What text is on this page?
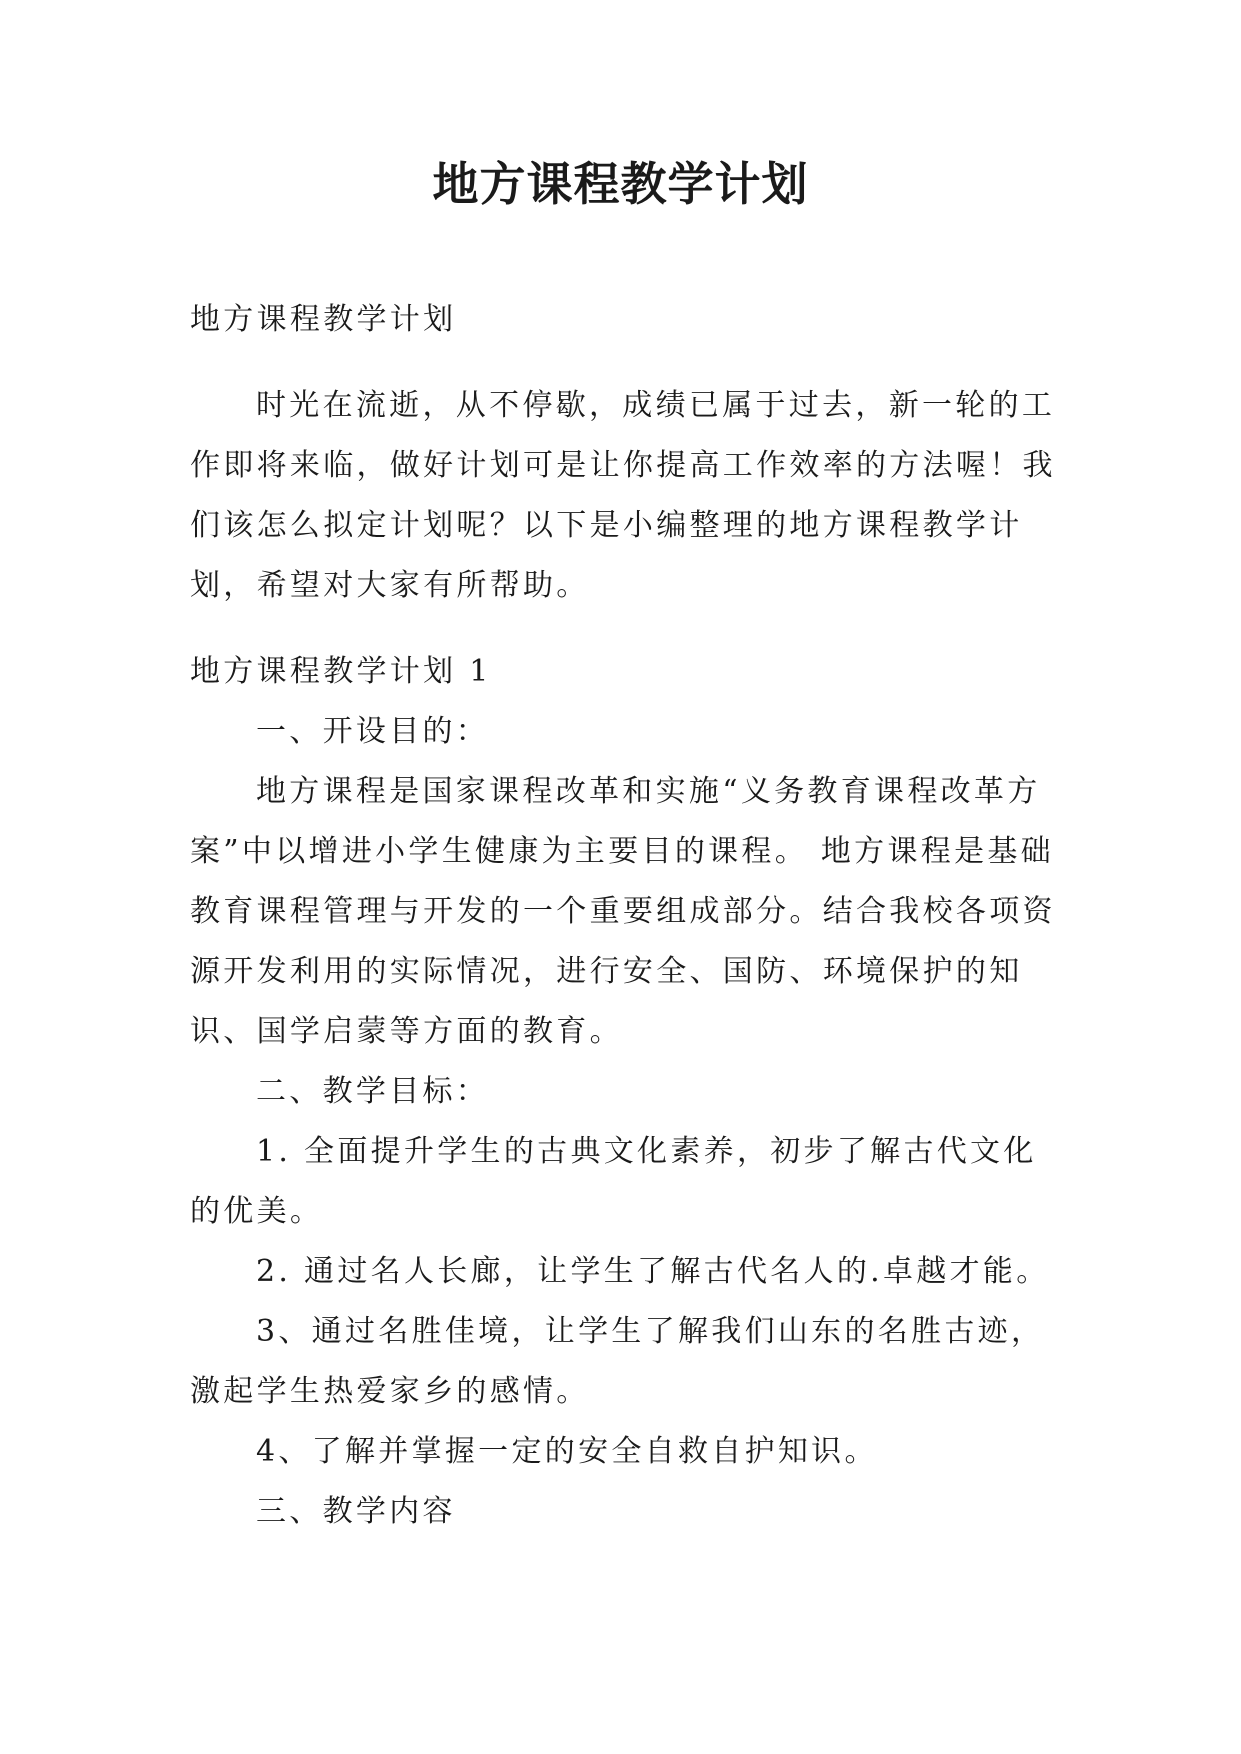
地方课程教学计划

地方课程教学计划

时光在流逝，从不停歇，成绩已属于过去，新一轮的工作即将来临，做好计划可是让你提高工作效率的方法喔！我们该怎么拟定计划呢？以下是小编整理的地方课程教学计划，希望对大家有所帮助。

地方课程教学计划 1

一、开设目的：

地方课程是国家课程改革和实施“义务教育课程改革方案”中以增进小学生健康为主要目的课程。 地方课程是基础教育课程管理与开发的一个重要组成部分。结合我校各项资源开发利用的实际情况，进行安全、国防、环境保护的知识、国学启蒙等方面的教育。

二、教学目标：

1. 全面提升学生的古典文化素养，初步了解古代文化的优美。

2. 通过名人长廊，让学生了解古代名人的.卓越才能。

3、通过名胜佳境，让学生了解我们山东的名胜古迹，激起学生热爱家乡的感情。

4、了解并掌握一定的安全自救自护知识。

三、教学内容
